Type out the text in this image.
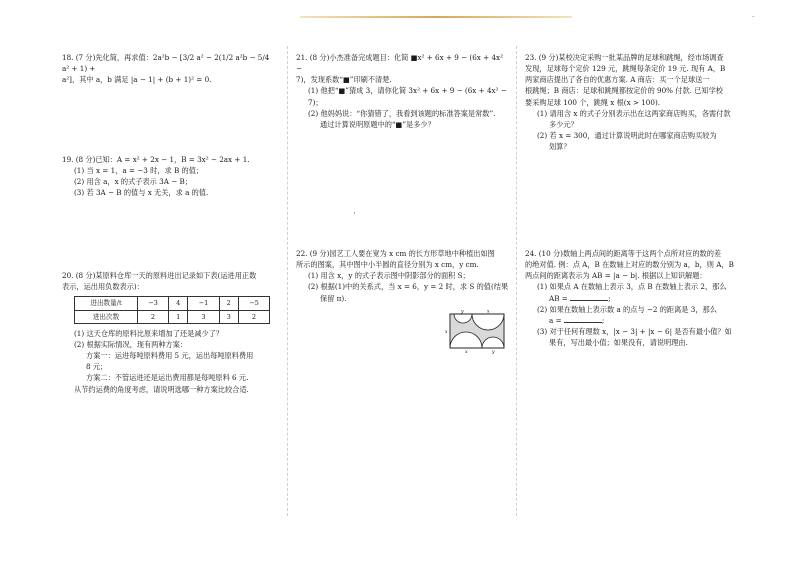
·

18. (7 分)先化简，再求值：2a²b − [3/2 a² − 2(1/2 a²b − 5/4 a² + 1) +

a²]，其中 a，b 满足 |a − 1| + (b + 1)² = 0.

19. (8 分)已知：A = x² + 2x − 1，B = 3x² − 2ax + 1.

(1) 当 x = 1，a = −3 时，求 B 的值；

(2) 用含 a，x 的式子表示 3A − B；

(3) 若 3A − B 的值与 x 无关，求 a 的值.

20. (8 分)某原料仓库一天的原料进出记录如下表(运进用正数

表示，运出用负数表示)：

进出数量/t	−3	4	−1	2	−5
进出次数	2	1	3	3	2

(1) 这天仓库的原料比原来增加了还是减少了？

(2) 根据实际情况，现有两种方案：

方案一：运进每吨原料费用 5 元，运出每吨原料费用

8 元；

方案二：不管运进还是运出费用都是每吨原料 6 元.

从节约运费的角度考虑，请说明选哪一种方案比较合适.

21. (8 分)小杰准备完成题目：化简 ■x² + 6x + 9 − (6x + 4x² −

7)，发现系数“■”印刷不清楚.

(1) 他把“■”猜成 3，请你化简 3x² + 6x + 9 − (6x + 4x² − 7)；

(2) 他妈妈说：“你猜错了，我看到该题的标准答案是常数”.

通过计算说明原题中的“■”是多少？

22. (9 分)园艺工人要在宽为 x cm 的长方形草地中种植出如图

所示的图案，其中图中小半圆的直径分别为 x cm，y cm.

(1) 用含 x，y 的式子表示图中阴影部分的面积 S；

(2) 根据(1)中的关系式，当 x = 6，y = 2 时，求 S 的值(结果

保留 π).

y	x
x
x	y

23. (9 分)某校决定采购一批某品牌的足球和跳绳，经市场调查

发现，足球每个定价 129 元，跳绳每条定价 19 元. 现有 A，B

两家商店提出了各自的优惠方案. A 商店：买一个足球送一

根跳绳；B 商店：足球和跳绳都按定价的 90% 付款. 已知学校

要采购足球 100 个，跳绳 x 根(x > 100).

(1) 请用含 x 的式子分别表示出在这两家商店购买，各需付款

多少元？

(2) 若 x = 300，通过计算说明此时在哪家商店购买较为

划算？

24. (10 分)数轴上两点间的距离等于这两个点所对应的数的差

的绝对值. 例：点 A，B 在数轴上对应的数分别为 a，b，则 A，B

两点间的距离表示为 AB = |a − b|. 根据以上知识解题：

(1) 如果点 A 在数轴上表示 3，点 B 在数轴上表示 2，那么

AB =	;

(2) 如果在数轴上表示数 a 的点与 −2 的距离是 3，那么

a =	;

(3) 对于任何有理数 x，|x − 3| + |x − 6| 是否有最小值？如

果有，写出最小值；如果没有，请说明理由.
